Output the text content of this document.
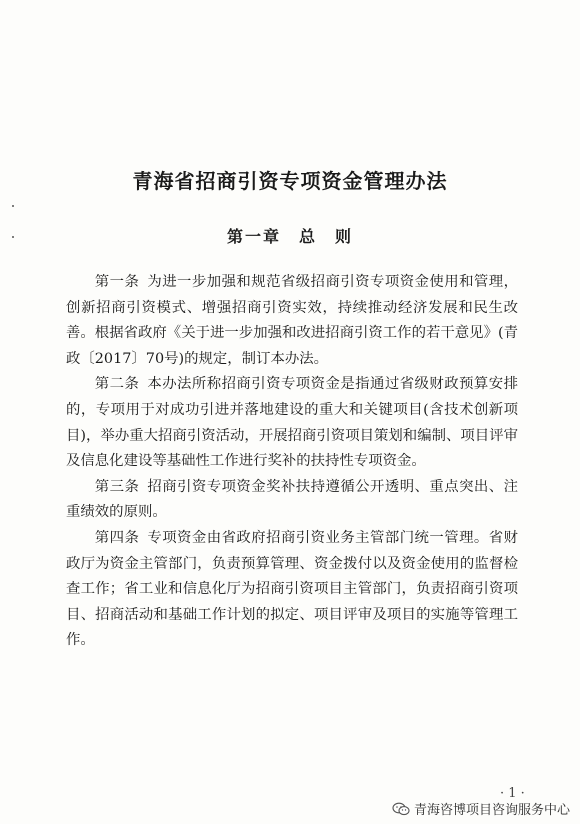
青海省招商引资专项资金管理办法
第一章　总　则

第一条 为进一步加强和规范省级招商引资专项资金使用和管理，创新招商引资模式、增强招商引资实效，持续推动经济发展和民生改善。根据省政府《关于进一步加强和改进招商引资工作的若干意见》(青政〔2017〕70号)的规定，制订本办法。

第二条 本办法所称招商引资专项资金是指通过省级财政预算安排的，专项用于对成功引进并落地建设的重大和关键项目(含技术创新项目)，举办重大招商引资活动，开展招商引资项目策划和编制、项目评审及信息化建设等基础性工作进行奖补的扶持性专项资金。

第三条 招商引资专项资金奖补扶持遵循公开透明、重点突出、注重绩效的原则。

第四条 专项资金由省政府招商引资业务主管部门统一管理。省财政厅为资金主管部门，负责预算管理、资金拨付以及资金使用的监督检查工作；省工业和信息化厅为招商引资项目主管部门，负责招商引资项目、招商活动和基础工作计划的拟定、项目评审及项目的实施等管理工作。

· 1 ·
青海咨博项目咨询服务中心
